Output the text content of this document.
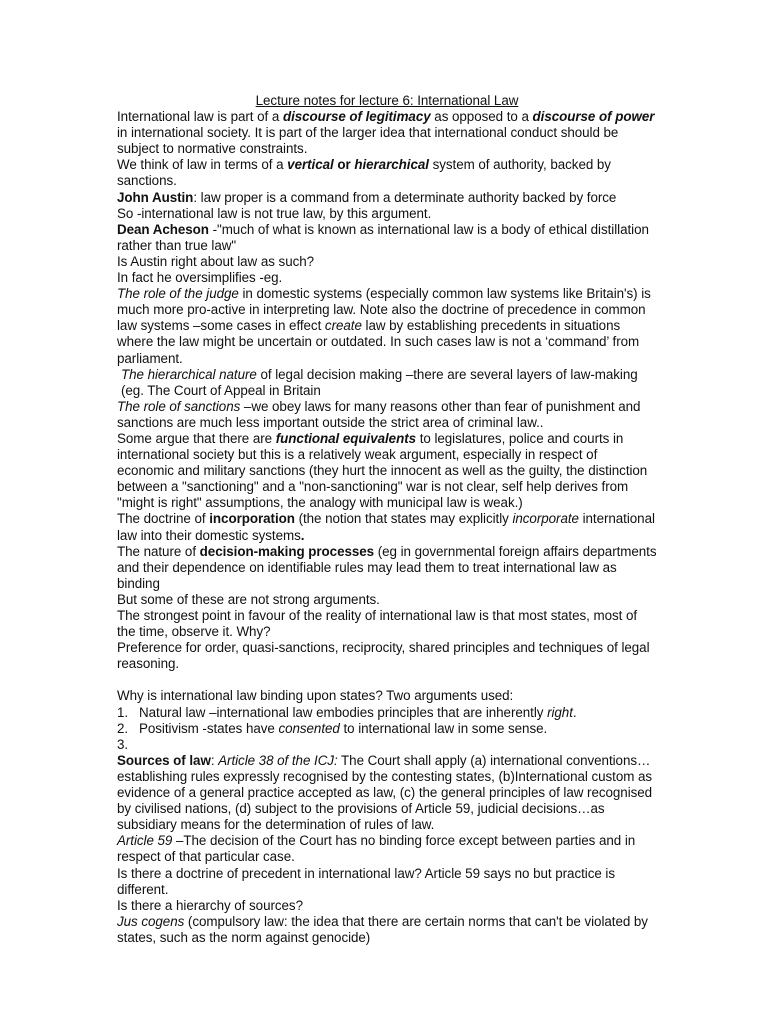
Lecture notes for lecture 6: International Law

International law is part of a discourse of legitimacy as opposed to a discourse of power in international society. It is part of the larger idea that international conduct should be subject to normative constraints.

We think of law in terms of a vertical or hierarchical system of authority, backed by sanctions.

John Austin: law proper is a command from a determinate authority backed by force

So -international law is not true law, by this argument.

Dean Acheson -"much of what is known as international law is a body of ethical distillation rather than true law"

Is Austin right about law as such?

In fact he oversimplifies -eg.

The role of the judge in domestic systems (especially common law systems like Britain's) is much more pro-active in interpreting law. Note also the doctrine of precedence in common law systems –some cases in effect create law by establishing precedents in situations where the law might be uncertain or outdated. In such cases law is not a ‘command’ from parliament.

The hierarchical nature of legal decision making –there are several layers of law-making (eg. The Court of Appeal in Britain

The role of sanctions –we obey laws for many reasons other than fear of punishment and sanctions are much less important outside the strict area of criminal law..

Some argue that there are functional equivalents to legislatures, police and courts in international society but this is a relatively weak argument, especially in respect of economic and military sanctions (they hurt the innocent as well as the guilty, the distinction between a "sanctioning" and a "non-sanctioning" war is not clear, self help derives from "might is right" assumptions, the analogy with municipal law is weak.)

The doctrine of incorporation (the notion that states may explicitly incorporate international law into their domestic systems.

The nature of decision-making processes (eg in governmental foreign affairs departments and their dependence on identifiable rules may lead them to treat international law as binding

But some of these are not strong arguments.

The strongest point in favour of the reality of international law is that most states, most of the time, observe it. Why?

Preference for order, quasi-sanctions, reciprocity, shared principles and techniques of legal reasoning.

Why is international law binding upon states? Two arguments used:

1. Natural law –international law embodies principles that are inherently right.
2. Positivism -states have consented to international law in some sense.
3.

Sources of law: Article 38 of the ICJ: The Court shall apply (a) international conventions…establishing rules expressly recognised by the contesting states, (b)International custom as evidence of a general practice accepted as law, (c) the general principles of law recognised by civilised nations, (d) subject to the provisions of Article 59, judicial decisions…as subsidiary means for the determination of rules of law.

Article 59 –The decision of the Court has no binding force except between parties and in respect of that particular case.

Is there a doctrine of precedent in international law? Article 59 says no but practice is different.

Is there a hierarchy of sources?

Jus cogens (compulsory law: the idea that there are certain norms that can't be violated by states, such as the norm against genocide)
